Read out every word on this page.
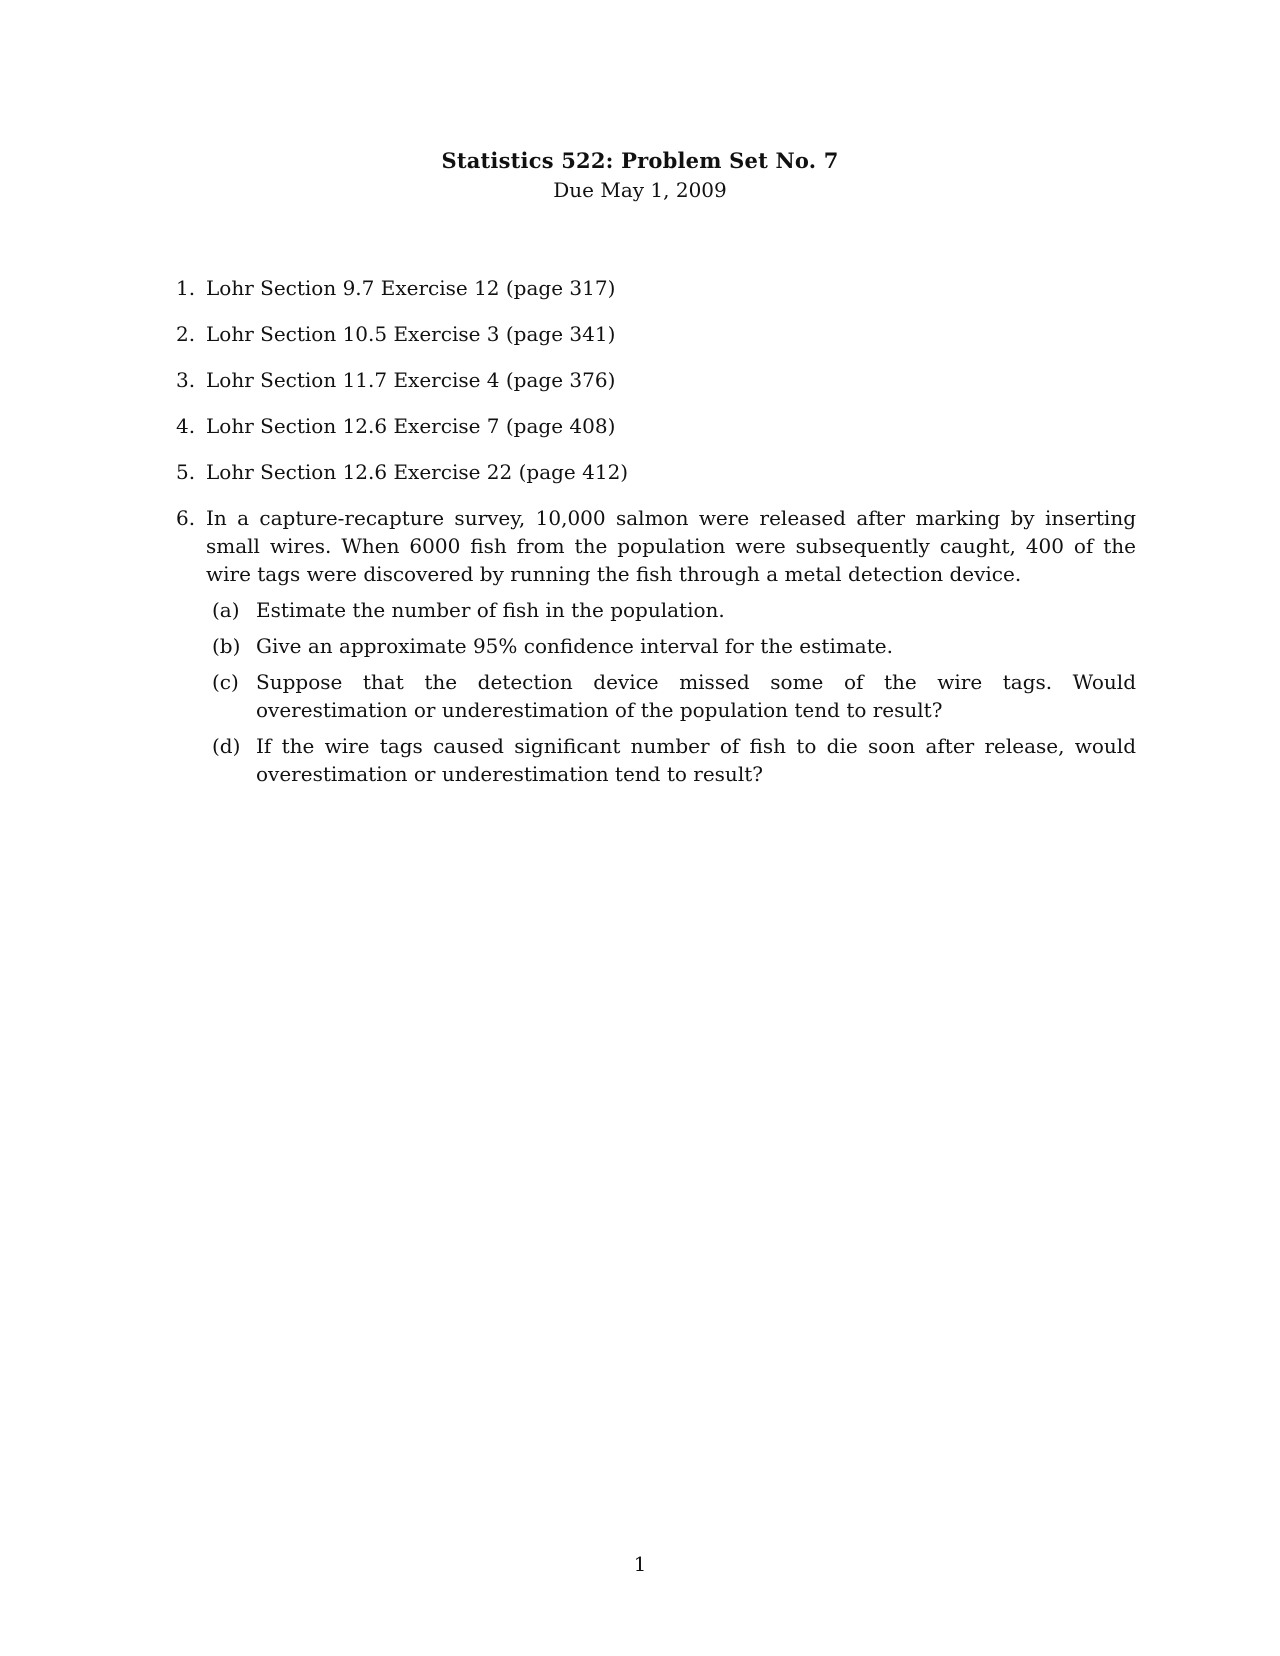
Statistics 522: Problem Set No. 7
Due May 1, 2009
1. Lohr Section 9.7 Exercise 12 (page 317)
2. Lohr Section 10.5 Exercise 3 (page 341)
3. Lohr Section 11.7 Exercise 4 (page 376)
4. Lohr Section 12.6 Exercise 7 (page 408)
5. Lohr Section 12.6 Exercise 22 (page 412)
6. In a capture-recapture survey, 10,000 salmon were released after marking by inserting small wires. When 6000 fish from the population were subsequently caught, 400 of the wire tags were discovered by running the fish through a metal detection device.
(a) Estimate the number of fish in the population.
(b) Give an approximate 95% confidence interval for the estimate.
(c) Suppose that the detection device missed some of the wire tags. Would overestimation or underestimation of the population tend to result?
(d) If the wire tags caused significant number of fish to die soon after release, would overestimation or underestimation tend to result?
1
